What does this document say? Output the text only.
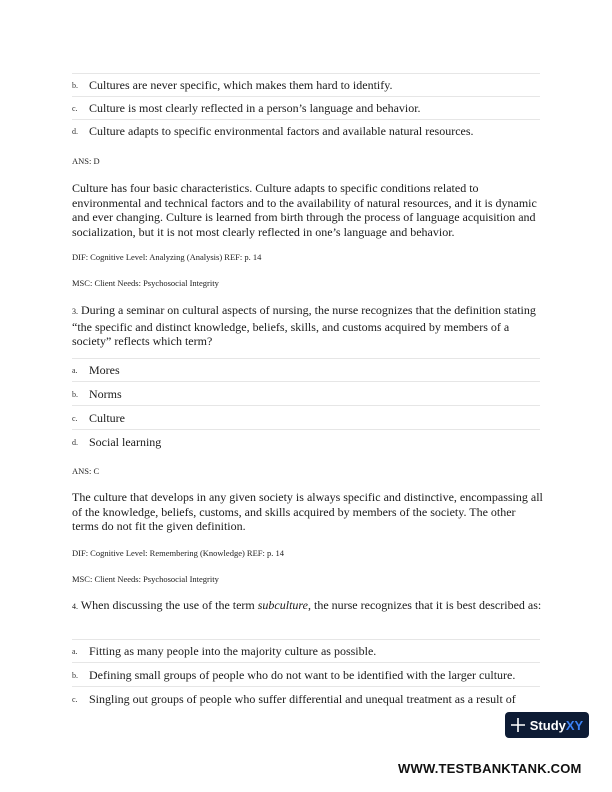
b. Cultures are never specific, which makes them hard to identify.
c. Culture is most clearly reflected in a person’s language and behavior.
d. Culture adapts to specific environmental factors and available natural resources.
ANS: D
Culture has four basic characteristics. Culture adapts to specific conditions related to environmental and technical factors and to the availability of natural resources, and it is dynamic and ever changing. Culture is learned from birth through the process of language acquisition and socialization, but it is not most clearly reflected in one’s language and behavior.
DIF: Cognitive Level: Analyzing (Analysis) REF: p. 14
MSC: Client Needs: Psychosocial Integrity
3. During a seminar on cultural aspects of nursing, the nurse recognizes that the definition stating “the specific and distinct knowledge, beliefs, skills, and customs acquired by members of a society” reflects which term?
a. Mores
b. Norms
c. Culture
d. Social learning
ANS: C
The culture that develops in any given society is always specific and distinctive, encompassing all of the knowledge, beliefs, customs, and skills acquired by members of the society. The other terms do not fit the given definition.
DIF: Cognitive Level: Remembering (Knowledge) REF: p. 14
MSC: Client Needs: Psychosocial Integrity
4. When discussing the use of the term subculture, the nurse recognizes that it is best described as:
a. Fitting as many people into the majority culture as possible.
b. Defining small groups of people who do not want to be identified with the larger culture.
c. Singling out groups of people who suffer differential and unequal treatment as a result of
Study XY
WWW.TESTBANKTANK.COM
